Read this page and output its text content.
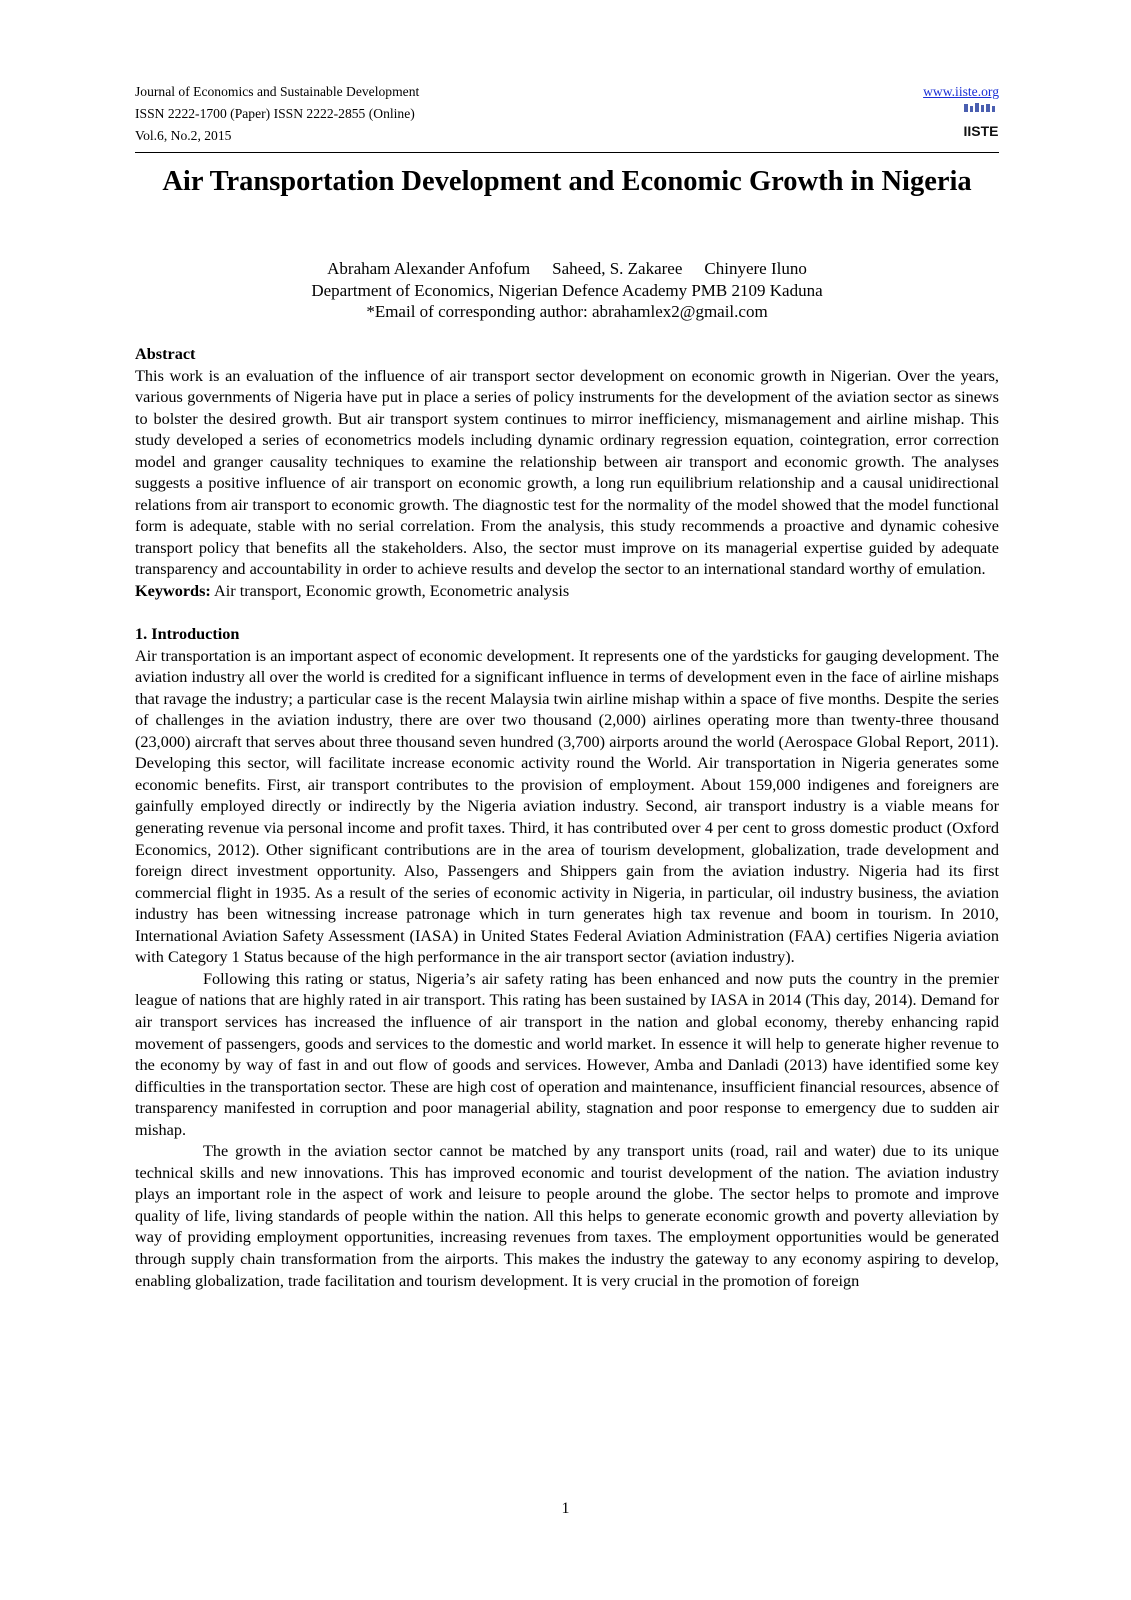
Journal of Economics and Sustainable Development
ISSN 2222-1700 (Paper) ISSN 2222-2855 (Online)
Vol.6, No.2, 2015
www.iiste.org
IISTE
Air Transportation Development and Economic Growth in Nigeria
Abraham Alexander Anfofum Saheed, S. Zakaree Chinyere Iluno
Department of Economics, Nigerian Defence Academy PMB 2109 Kaduna
*Email of corresponding author: abrahamlex2@gmail.com
Abstract

This work is an evaluation of the influence of air transport sector development on economic growth in Nigerian. Over the years, various governments of Nigeria have put in place a series of policy instruments for the development of the aviation sector as sinews to bolster the desired growth. But air transport system continues to mirror inefficiency, mismanagement and airline mishap. This study developed a series of econometrics models including dynamic ordinary regression equation, cointegration, error correction model and granger causality techniques to examine the relationship between air transport and economic growth. The analyses suggests a positive influence of air transport on economic growth, a long run equilibrium relationship and a causal unidirectional relations from air transport to economic growth. The diagnostic test for the normality of the model showed that the model functional form is adequate, stable with no serial correlation. From the analysis, this study recommends a proactive and dynamic cohesive transport policy that benefits all the stakeholders. Also, the sector must improve on its managerial expertise guided by adequate transparency and accountability in order to achieve results and develop the sector to an international standard worthy of emulation.

Keywords: Air transport, Economic growth, Econometric analysis

1. Introduction

Air transportation is an important aspect of economic development. It represents one of the yardsticks for gauging development. The aviation industry all over the world is credited for a significant influence in terms of development even in the face of airline mishaps that ravage the industry; a particular case is the recent Malaysia twin airline mishap within a space of five months. Despite the series of challenges in the aviation industry, there are over two thousand (2,000) airlines operating more than twenty-three thousand (23,000) aircraft that serves about three thousand seven hundred (3,700) airports around the world (Aerospace Global Report, 2011). Developing this sector, will facilitate increase economic activity round the World. Air transportation in Nigeria generates some economic benefits. First, air transport contributes to the provision of employment. About 159,000 indigenes and foreigners are gainfully employed directly or indirectly by the Nigeria aviation industry. Second, air transport industry is a viable means for generating revenue via personal income and profit taxes. Third, it has contributed over 4 per cent to gross domestic product (Oxford Economics, 2012). Other significant contributions are in the area of tourism development, globalization, trade development and foreign direct investment opportunity. Also, Passengers and Shippers gain from the aviation industry. Nigeria had its first commercial flight in 1935. As a result of the series of economic activity in Nigeria, in particular, oil industry business, the aviation industry has been witnessing increase patronage which in turn generates high tax revenue and boom in tourism. In 2010, International Aviation Safety Assessment (IASA) in United States Federal Aviation Administration (FAA) certifies Nigeria aviation with Category 1 Status because of the high performance in the air transport sector (aviation industry).

Following this rating or status, Nigeria’s air safety rating has been enhanced and now puts the country in the premier league of nations that are highly rated in air transport. This rating has been sustained by IASA in 2014 (This day, 2014). Demand for air transport services has increased the influence of air transport in the nation and global economy, thereby enhancing rapid movement of passengers, goods and services to the domestic and world market. In essence it will help to generate higher revenue to the economy by way of fast in and out flow of goods and services. However, Amba and Danladi (2013) have identified some key difficulties in the transportation sector. These are high cost of operation and maintenance, insufficient financial resources, absence of transparency manifested in corruption and poor managerial ability, stagnation and poor response to emergency due to sudden air mishap.

The growth in the aviation sector cannot be matched by any transport units (road, rail and water) due to its unique technical skills and new innovations. This has improved economic and tourist development of the nation. The aviation industry plays an important role in the aspect of work and leisure to people around the globe. The sector helps to promote and improve quality of life, living standards of people within the nation. All this helps to generate economic growth and poverty alleviation by way of providing employment opportunities, increasing revenues from taxes. The employment opportunities would be generated through supply chain transformation from the airports. This makes the industry the gateway to any economy aspiring to develop, enabling globalization, trade facilitation and tourism development. It is very crucial in the promotion of foreign

1
